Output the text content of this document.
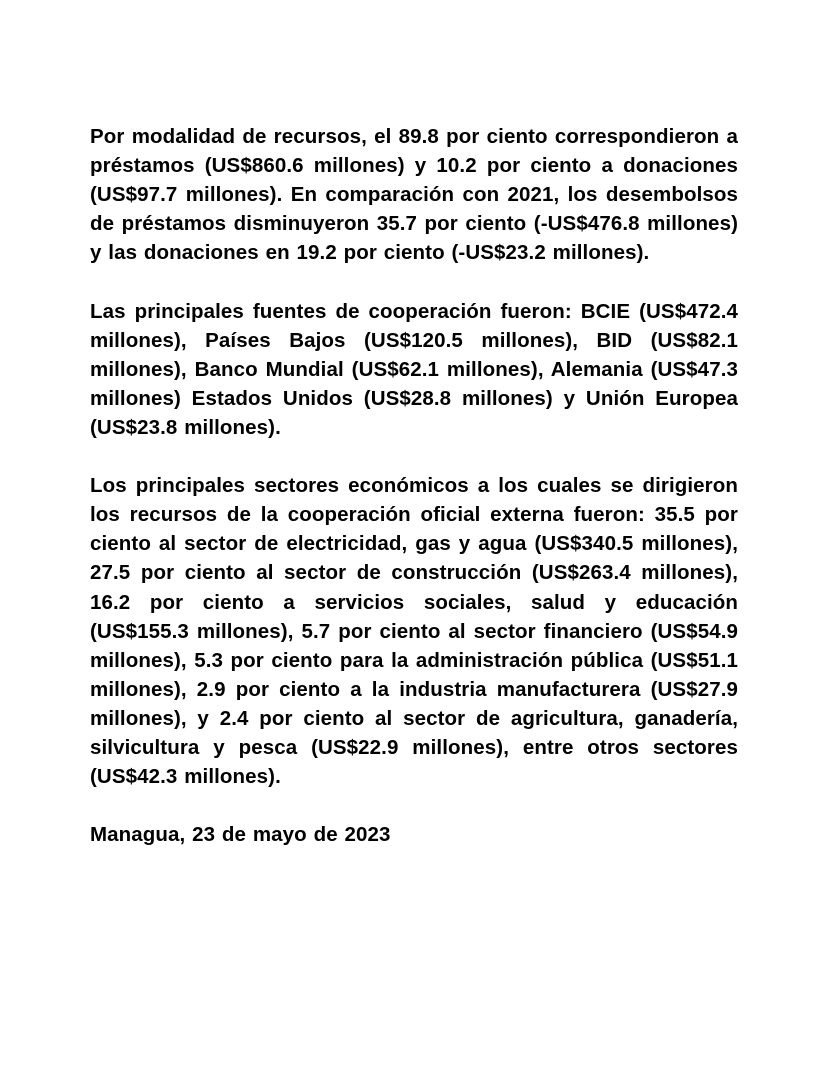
Por modalidad de recursos, el 89.8 por ciento correspondieron a préstamos (US$860.6 millones) y 10.2 por ciento a donaciones (US$97.7 millones). En comparación con 2021, los desembolsos de préstamos disminuyeron 35.7 por ciento (-US$476.8 millones) y las donaciones en 19.2 por ciento (-US$23.2 millones).

Las principales fuentes de cooperación fueron: BCIE (US$472.4 millones), Países Bajos (US$120.5 millones), BID (US$82.1 millones), Banco Mundial (US$62.1 millones), Alemania (US$47.3 millones) Estados Unidos (US$28.8 millones) y Unión Europea (US$23.8 millones).

Los principales sectores económicos a los cuales se dirigieron los recursos de la cooperación oficial externa fueron: 35.5 por ciento al sector de electricidad, gas y agua (US$340.5 millones), 27.5 por ciento al sector de construcción (US$263.4 millones), 16.2 por ciento a servicios sociales, salud y educación (US$155.3 millones), 5.7 por ciento al sector financiero (US$54.9 millones), 5.3 por ciento para la administración pública (US$51.1 millones), 2.9 por ciento a la industria manufacturera (US$27.9 millones), y 2.4 por ciento al sector de agricultura, ganadería, silvicultura y pesca (US$22.9 millones), entre otros sectores (US$42.3 millones).

Managua, 23 de mayo de 2023
